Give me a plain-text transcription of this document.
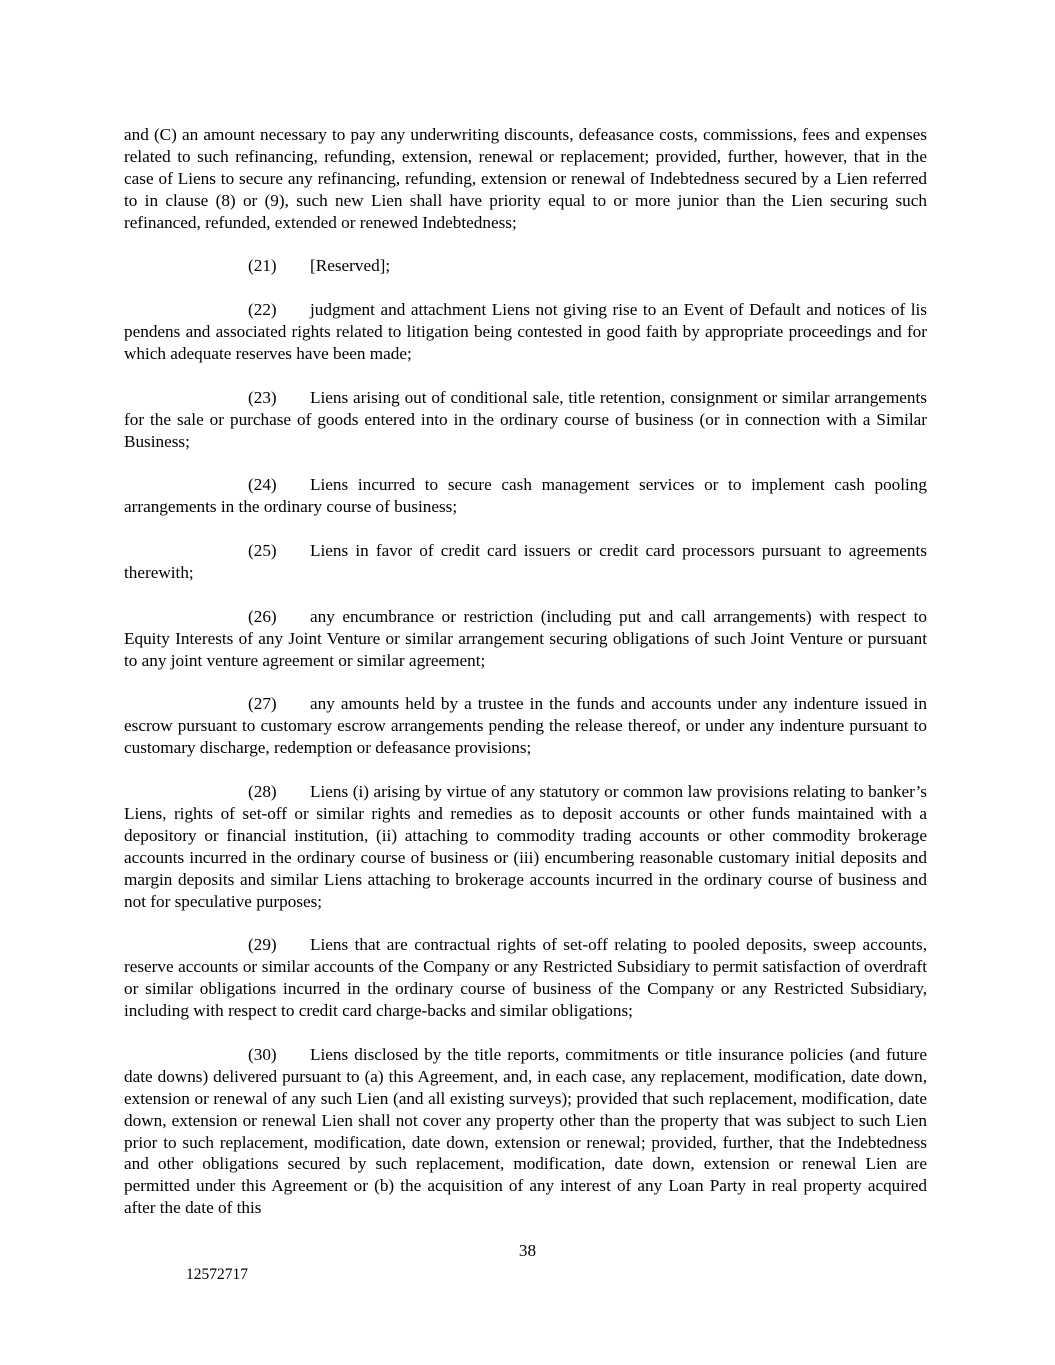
and (C) an amount necessary to pay any underwriting discounts, defeasance costs, commissions, fees and expenses related to such refinancing, refunding, extension, renewal or replacement; provided, further, however, that in the case of Liens to secure any refinancing, refunding, extension or renewal of Indebtedness secured by a Lien referred to in clause (8) or (9), such new Lien shall have priority equal to or more junior than the Lien securing such refinanced, refunded, extended or renewed Indebtedness;

(21) [Reserved];

(22) judgment and attachment Liens not giving rise to an Event of Default and notices of lis pendens and associated rights related to litigation being contested in good faith by appropriate proceedings and for which adequate reserves have been made;

(23) Liens arising out of conditional sale, title retention, consignment or similar arrangements for the sale or purchase of goods entered into in the ordinary course of business (or in connection with a Similar Business;

(24) Liens incurred to secure cash management services or to implement cash pooling arrangements in the ordinary course of business;

(25) Liens in favor of credit card issuers or credit card processors pursuant to agreements therewith;

(26) any encumbrance or restriction (including put and call arrangements) with respect to Equity Interests of any Joint Venture or similar arrangement securing obligations of such Joint Venture or pursuant to any joint venture agreement or similar agreement;

(27) any amounts held by a trustee in the funds and accounts under any indenture issued in escrow pursuant to customary escrow arrangements pending the release thereof, or under any indenture pursuant to customary discharge, redemption or defeasance provisions;

(28) Liens (i) arising by virtue of any statutory or common law provisions relating to banker’s Liens, rights of set-off or similar rights and remedies as to deposit accounts or other funds maintained with a depository or financial institution, (ii) attaching to commodity trading accounts or other commodity brokerage accounts incurred in the ordinary course of business or (iii) encumbering reasonable customary initial deposits and margin deposits and similar Liens attaching to brokerage accounts incurred in the ordinary course of business and not for speculative purposes;

(29) Liens that are contractual rights of set-off relating to pooled deposits, sweep accounts, reserve accounts or similar accounts of the Company or any Restricted Subsidiary to permit satisfaction of overdraft or similar obligations incurred in the ordinary course of business of the Company or any Restricted Subsidiary, including with respect to credit card charge-backs and similar obligations;

(30) Liens disclosed by the title reports, commitments or title insurance policies (and future date downs) delivered pursuant to (a) this Agreement, and, in each case, any replacement, modification, date down, extension or renewal of any such Lien (and all existing surveys); provided that such replacement, modification, date down, extension or renewal Lien shall not cover any property other than the property that was subject to such Lien prior to such replacement, modification, date down, extension or renewal; provided, further, that the Indebtedness and other obligations secured by such replacement, modification, date down, extension or renewal Lien are permitted under this Agreement or (b) the acquisition of any interest of any Loan Party in real property acquired after the date of this

38
12572717
